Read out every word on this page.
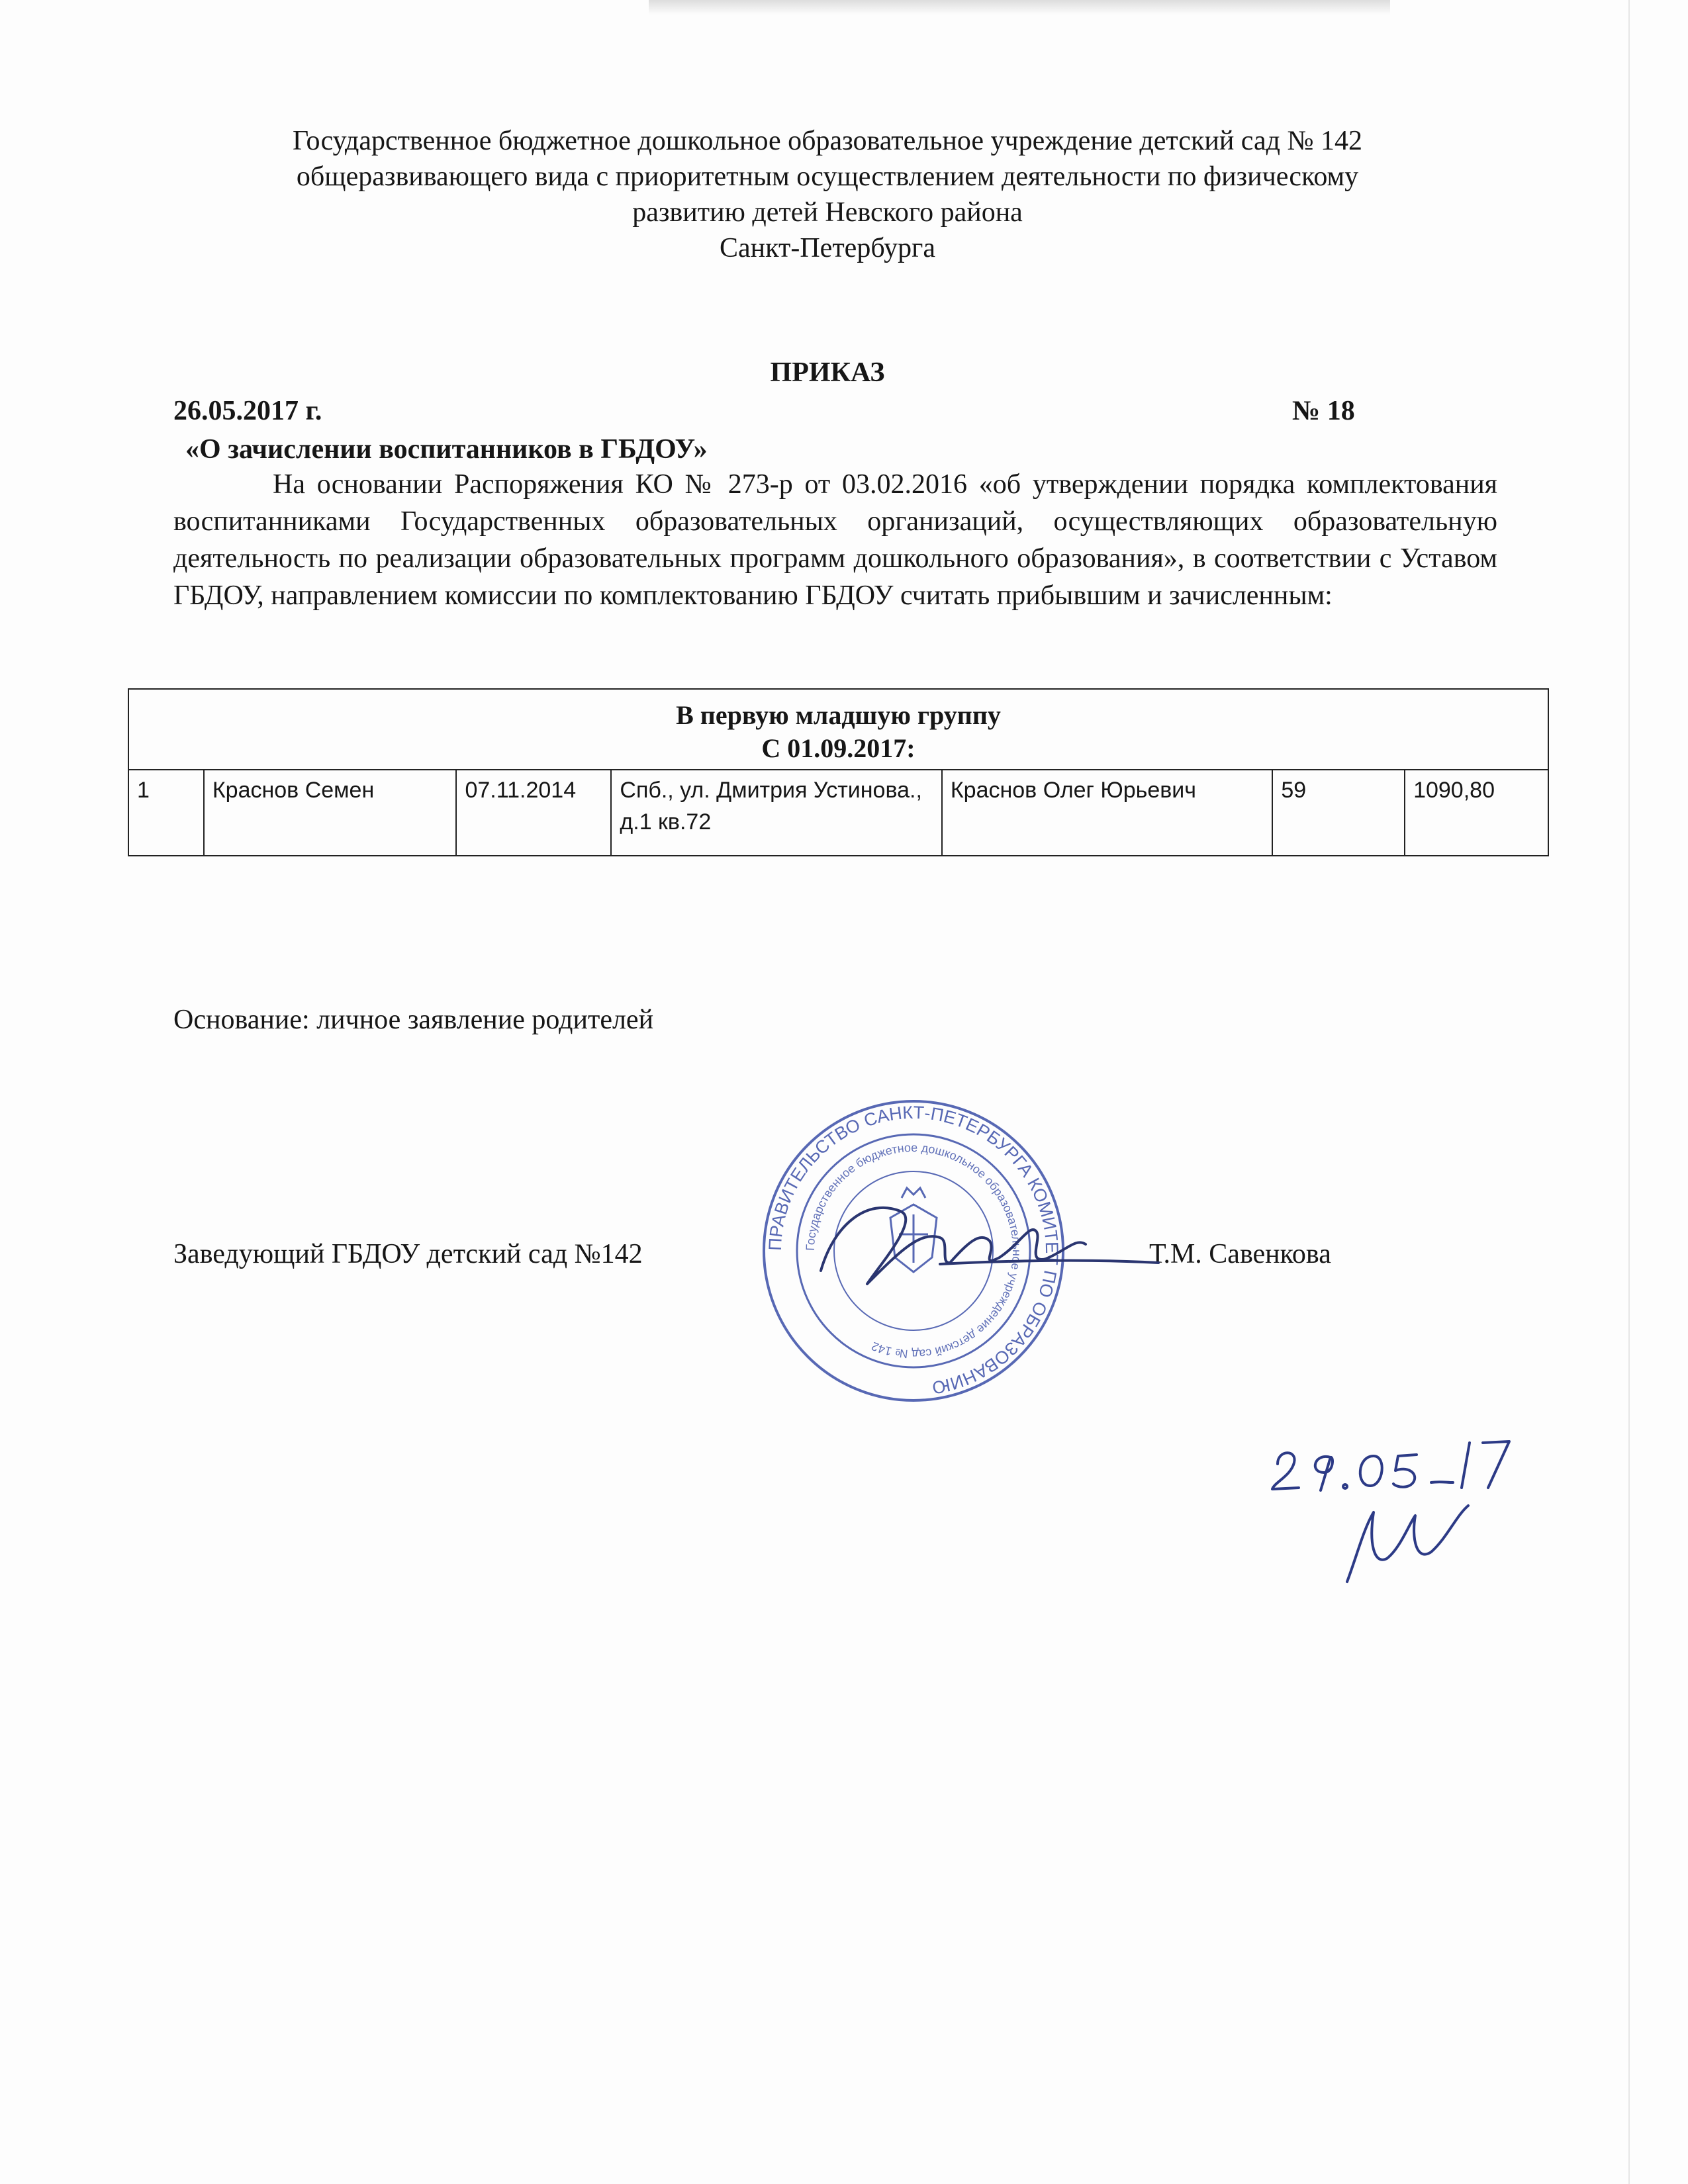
Государственное бюджетное дошкольное образовательное учреждение детский сад № 142
общеразвивающего вида с приоритетным осуществлением деятельности по физическому
развитию детей Невского района
Санкт-Петербурга
ПРИКАЗ
26.05.2017 г.	№ 18
«О зачислении воспитанников в ГБДОУ»

На основании Распоряжения КО № 273-р от 03.02.2016 «об утверждении порядка комплектования воспитанниками Государственных образовательных организаций, осуществляющих образовательную деятельность по реализации образовательных программ дошкольного образования», в соответствии с Уставом ГБДОУ, направлением комиссии по комплектованию ГБДОУ считать прибывшим и зачисленным:

В первую младшую группу
С 01.09.2017:

1	Краснов Семен	07.11.2014	Спб., ул. Дмитрия Устинова., д.1 кв.72	Краснов Олег Юрьевич	59	1090,80
Основание: личное заявление родителей
Заведующий ГБДОУ детский сад №142	Т.М. Савенкова
ПРАВИТЕЛЬСТВО САНКТ-ПЕТЕРБУРГА КОМИТЕТ ПО ОБРАЗОВАНИЮ
Государственное бюджетное дошкольное образовательное учреждение детский сад № 142
